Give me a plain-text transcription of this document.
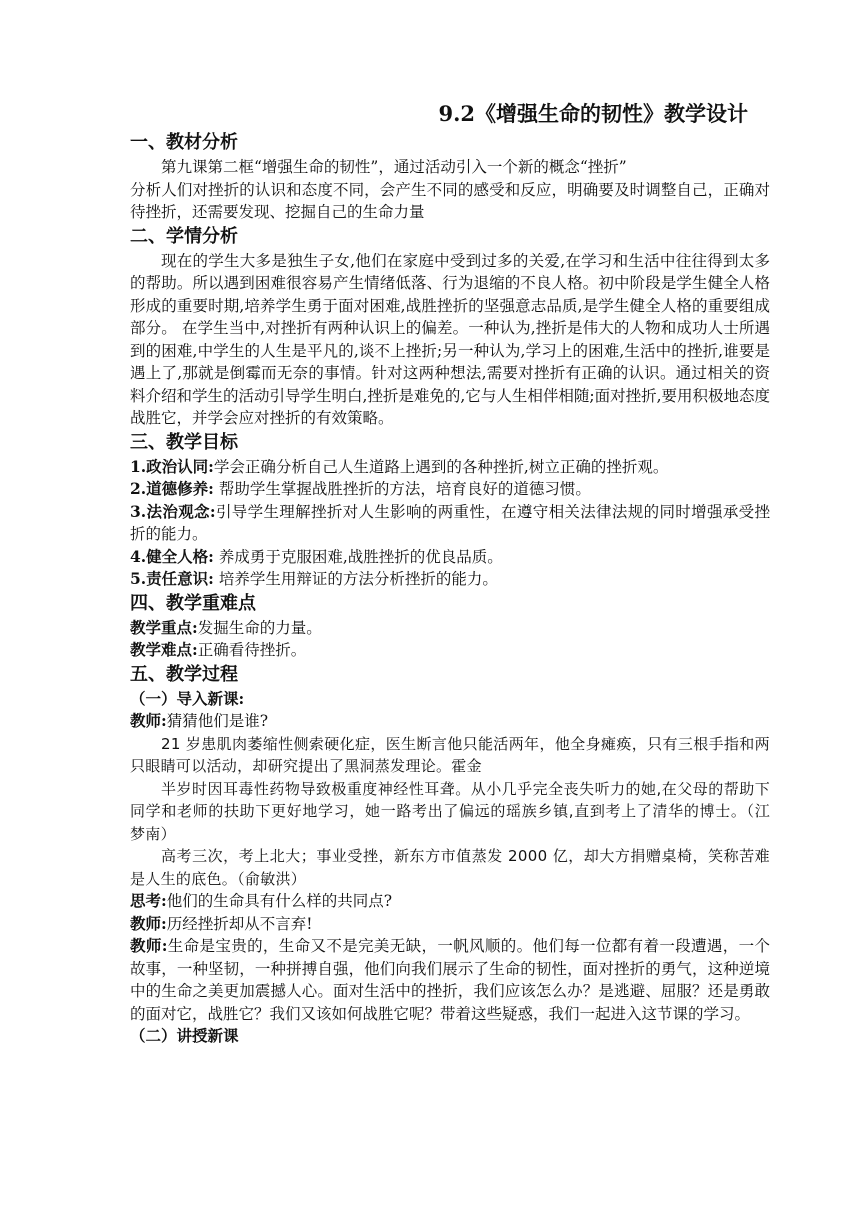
9.2《增强生命的韧性》教学设计
一、教材分析

第九课第二框“增强生命的韧性”，通过活动引入一个新的概念“挫折”

分析人们对挫折的认识和态度不同，会产生不同的感受和反应，明确要及时调整自己，正确对待挫折，还需要发现、挖掘自己的生命力量

二、学情分析

现在的学生大多是独生子女,他们在家庭中受到过多的关爱,在学习和生活中往往得到太多的帮助。所以遇到困难很容易产生情绪低落、行为退缩的不良人格。初中阶段是学生健全人格形成的重要时期,培养学生勇于面对困难,战胜挫折的坚强意志品质,是学生健全人格的重要组成部分。 在学生当中,对挫折有两种认识上的偏差。一种认为,挫折是伟大的人物和成功人士所遇到的困难,中学生的人生是平凡的,谈不上挫折;另一种认为,学习上的困难,生活中的挫折,谁要是遇上了,那就是倒霉而无奈的事情。针对这两种想法,需要对挫折有正确的认识。通过相关的资料介绍和学生的活动引导学生明白,挫折是难免的,它与人生相伴相随;面对挫折,要用积极地态度战胜它，并学会应对挫折的有效策略。

三、教学目标

1.政治认同:学会正确分析自己人生道路上遇到的各种挫折,树立正确的挫折观。

2.道德修养: 帮助学生掌握战胜挫折的方法，培育良好的道德习惯。

3.法治观念:引导学生理解挫折对人生影响的两重性，在遵守相关法律法规的同时增强承受挫折的能力。

4.健全人格: 养成勇于克服困难,战胜挫折的优良品质。

5.责任意识: 培养学生用辩证的方法分析挫折的能力。

四、教学重难点

教学重点:发掘生命的力量。

教学难点:正确看待挫折。

五、教学过程

（一）导入新课:

教师:猜猜他们是谁?

21 岁患肌肉萎缩性侧索硬化症，医生断言他只能活两年，他全身瘫痪，只有三根手指和两只眼睛可以活动，却研究提出了黑洞蒸发理论。霍金

半岁时因耳毒性药物导致极重度神经性耳聋。从小几乎完全丧失听力的她,在父母的帮助下同学和老师的扶助下更好地学习，她一路考出了偏远的瑶族乡镇,直到考上了清华的博士。（江梦南）

高考三次，考上北大；事业受挫，新东方市值蒸发 2000 亿，却大方捐赠桌椅，笑称苦难是人生的底色。（俞敏洪）

思考:他们的生命具有什么样的共同点?

教师:历经挫折却从不言弃!

教师:生命是宝贵的，生命又不是完美无缺，一帆风顺的。他们每一位都有着一段遭遇，一个故事，一种坚韧，一种拼搏自强，他们向我们展示了生命的韧性，面对挫折的勇气，这种逆境中的生命之美更加震撼人心。面对生活中的挫折，我们应该怎么办？是逃避、屈服？还是勇敢的面对它，战胜它？我们又该如何战胜它呢？带着这些疑惑，我们一起进入这节课的学习。

（二）讲授新课
